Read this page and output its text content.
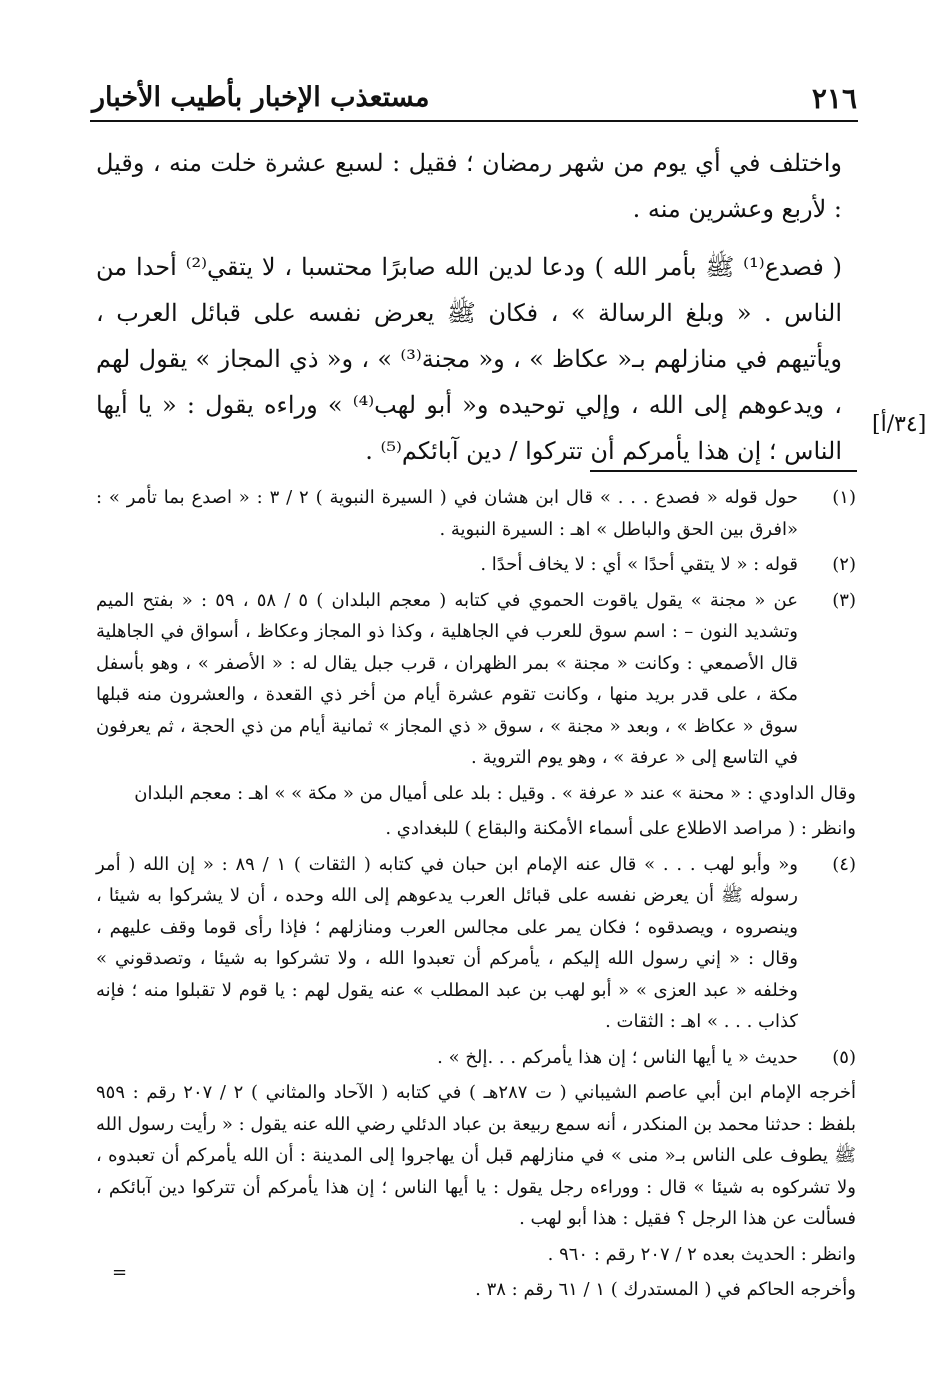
٢١٦
مستعذب الإخبار بأطيب الأخبار

واختلف في أي يوم من شهر رمضان ؛ فقيل : لسبع عشرة خلت منه ، وقيل : لأربع وعشرين منه .

( فصدع⁽¹⁾ ﷺ بأمر الله ) ودعا لدين الله صابرًا محتسبا ، لا يتقي⁽²⁾ أحدا من الناس . « وبلغ الرسالة » ، فكان ﷺ يعرض نفسه على قبائل العرب ، ويأتيهم في منازلهم بـ« عكاظ » ، و« مجنة⁽³⁾ » ، و« ذي المجاز » يقول لهم ، ويدعوهم إلى الله ، وإلي توحيده و« أبو لهب⁽⁴⁾ » وراءه يقول : « يا أيها الناس ؛ إن هذا يأمركم أن تتركوا / دين آبائكم⁽⁵⁾ .

[٣٤/أ]
(١)
حول قوله « فصدع . . . » قال ابن هشان في ( السيرة النبوية ) ٢ / ٣ : « اصدع بما تأمر » : «افرق بين الحق والباطل » اهـ : السيرة النبوية .
(٢)
قوله : « لا يتقي أحدًا » أي : لا يخاف أحدًا .
(٣)
عن « مجنة » يقول ياقوت الحموي في كتابه ( معجم البلدان ) ٥ / ٥٨ ، ٥٩ : « بفتح الميم وتشديد النون – : اسم سوق للعرب في الجاهلية ، وكذا ذو المجاز وعكاظ ، أسواق في الجاهلية قال الأصمعي : وكانت « مجنة » بمر الظهران ، قرب جبل يقال له : « الأصفر » ، وهو بأسفل مكة ، على قدر بريد منها ، وكانت تقوم عشرة أيام من أخر ذي القعدة ، والعشرون منه قبلها سوق « عكاظ » ، وبعد « مجنة » ، سوق « ذي المجاز » ثمانية أيام من ذي الحجة ، ثم يعرفون في التاسع إلى « عرفة » ، وهو يوم التروية .
وقال الداودي : « محنة » عند « عرفة » . وقيل : بلد على أميال من « مكة » » اهـ : معجم البلدان
وانظر : ( مراصد الاطلاع على أسماء الأمكنة والبقاع ) للبغدادي .
(٤)
و« وأبو لهب . . . » قال عنه الإمام ابن حبان في كتابه ( الثقات ) ١ / ٨٩ : « إن الله ( أمر رسوله ﷺ أن يعرض نفسه على قبائل العرب يدعوهم إلى الله وحده ، أن لا يشركوا به شيئا ، وينصروه ، ويصدقوه ؛ فكان يمر على مجالس العرب ومنازلهم ؛ فإذا رأى قوما وقف عليهم ، وقال : « إني رسول الله إليكم ، يأمركم أن تعبدوا الله ، ولا تشركوا به شيئا ، وتصدقوني » وخلفه « عبد العزى » « أبو لهب بن عبد المطلب » عنه يقول لهم : يا قوم لا تقبلوا منه ؛ فإنه كذاب . . . » اهـ : الثقات .
(٥)
حديث « يا أيها الناس ؛ إن هذا يأمركم . . .إلخ » .
أخرجه الإمام ابن أبي عاصم الشيباني ( ت ٢٨٧هـ ) في كتابه ( الآحاد والمثاني ) ٢ / ٢٠٧ رقم : ٩٥٩ بلفظ : حدثنا محمد بن المنكدر ، أنه سمع ربيعة بن عباد الدئلي رضي الله عنه يقول : « رأيت رسول الله ﷺ يطوف على الناس بـ« منى » في منازلهم قبل أن يهاجروا إلى المدينة : أن الله يأمركم أن تعبدوه ، ولا تشركوه به شيئا » قال : ووراءه رجل يقول : يا أيها الناس ؛ إن هذا يأمركم أن تتركوا دين آبائكم ، فسألت عن هذا الرجل ؟ فقيل : هذا أبو لهب .
وانظر : الحديث بعده ٢ / ٢٠٧ رقم : ٩٦٠ .
وأخرجه الحاكم في ( المستدرك ) ١ / ٦١ رقم : ٣٨ .
=
